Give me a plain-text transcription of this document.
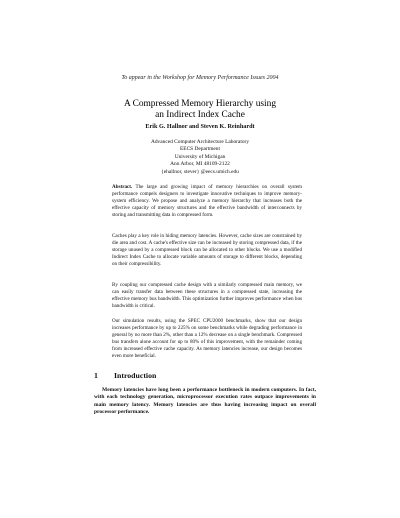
To appear in the Workshop for Memory Performance Issues 2004
A Compressed Memory Hierarchy using
an Indirect Index Cache
Erik G. Hallnor and Steven K. Reinhardt
Advanced Computer Architecture Laboratory
EECS Department
University of Michigan
Ann Arbor, MI 48109-2122
{ehallnor, stever} @eecs.umich.edu
Abstract. The large and growing impact of memory hierarchies on overall system performance compels designers to investigate innovative techniques to improve memory-system efficiency. We propose and analyze a memory hierarchy that increases both the effective capacity of memory structures and the effective bandwidth of interconnects by storing and transmitting data in compressed form.
Caches play a key role in hiding memory latencies. However, cache sizes are constrained by die area and cost. A cache's effective size can be increased by storing compressed data, if the storage unused by a compressed block can be allocated to other blocks. We use a modified Indirect Index Cache to allocate variable amounts of storage to different blocks, depending on their compressibility.
By coupling our compressed cache design with a similarly compressed main memory, we can easily transfer data between these structures in a compressed state, increasing the effective memory bus bandwidth. This optimization further improves performance when bus bandwidth is critical.
Our simulation results, using the SPEC CPU2000 benchmarks, show that our design increases performance by up to 225% on some benchmarks while degrading performance in general by no more than 2%, other than a 12% decrease on a single benchmark. Compressed bus transfers alone account for up to 80% of this improvement, with the remainder coming from increased effective cache capacity. As memory latencies increase, our design becomes even more beneficial.
1 Introduction
Memory latencies have long been a performance bottleneck in modern computers. In fact, with each technology generation, microprocessor execution rates outpace improvements in main memory latency. Memory latencies are thus having increasing impact on overall processor performance.
